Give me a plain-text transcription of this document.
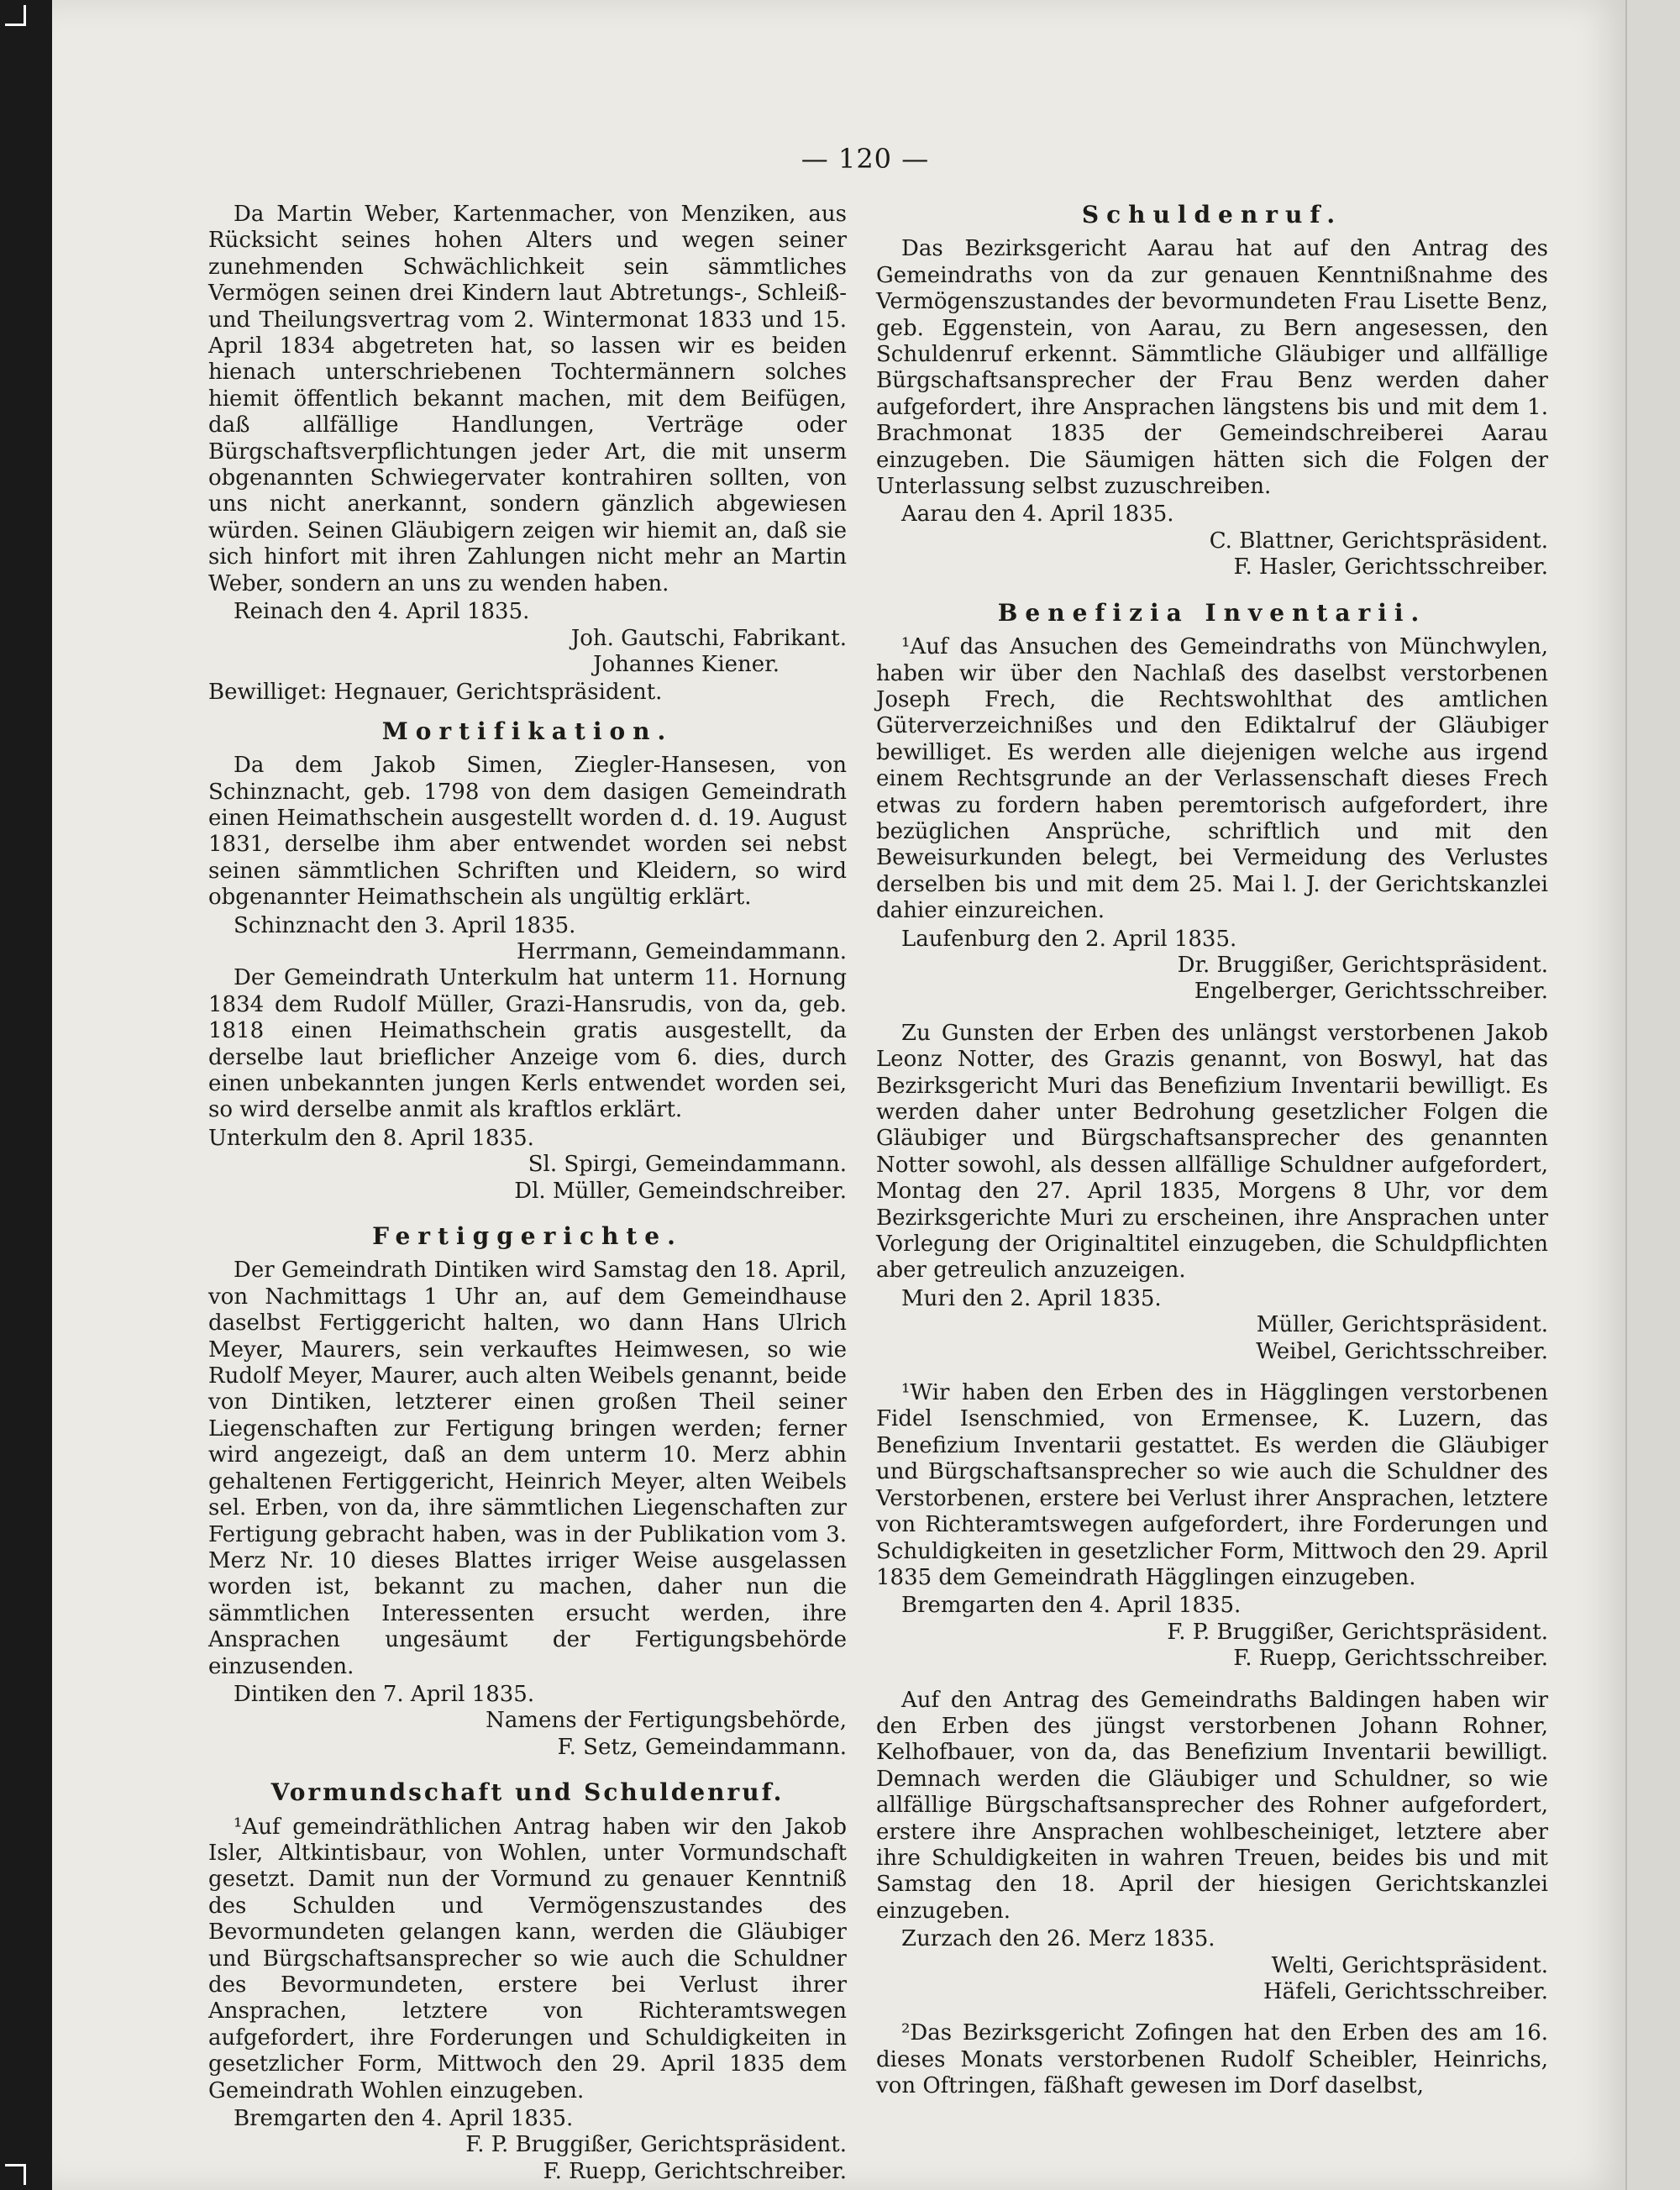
— 120 —

Da Martin Weber, Kartenmacher, von Menziken, aus Rücksicht seines hohen Alters und wegen seiner zunehmenden Schwächlichkeit sein sämmtliches Vermögen seinen drei Kindern laut Abtretungs-, Schleiß- und Theilungsvertrag vom 2. Wintermonat 1833 und 15. April 1834 abgetreten hat, so lassen wir es beiden hienach unterschriebenen Tochtermännern solches hiemit öffentlich bekannt machen, mit dem Beifügen, daß allfällige Handlungen, Verträge oder Bürgschaftsverpflichtungen jeder Art, die mit unserm obgenannten Schwiegervater kontrahiren sollten, von uns nicht anerkannt, sondern gänzlich abgewiesen würden. Seinen Gläubigern zeigen wir hiemit an, daß sie sich hinfort mit ihren Zahlungen nicht mehr an Martin Weber, sondern an uns zu wenden haben.

Reinach den 4. April 1835.
Joh. Gautschi, Fabrikant.
Johannes Kiener.
Bewilliget: Hegnauer, Gerichtspräsident.
Mortifikation.

Da dem Jakob Simen, Ziegler-Hansesen, von Schinznacht, geb. 1798 von dem dasigen Gemeindrath einen Heimathschein ausgestellt worden d. d. 19. August 1831, derselbe ihm aber entwendet worden sei nebst seinen sämmtlichen Schriften und Kleidern, so wird obgenannter Heimathschein als ungültig erklärt.

Schinznacht den 3. April 1835.
Herrmann, Gemeindammann.

Der Gemeindrath Unterkulm hat unterm 11. Hornung 1834 dem Rudolf Müller, Grazi-Hansrudis, von da, geb. 1818 einen Heimathschein gratis ausgestellt, da derselbe laut brieflicher Anzeige vom 6. dies, durch einen unbekannten jungen Kerls entwendet worden sei, so wird derselbe anmit als kraftlos erklärt.

Unterkulm den 8. April 1835.
Sl. Spirgi, Gemeindammann.
Dl. Müller, Gemeindschreiber.
Fertiggerichte.

Der Gemeindrath Dintiken wird Samstag den 18. April, von Nachmittags 1 Uhr an, auf dem Gemeindhause daselbst Fertiggericht halten, wo dann Hans Ulrich Meyer, Maurers, sein verkauftes Heimwesen, so wie Rudolf Meyer, Maurer, auch alten Weibels genannt, beide von Dintiken, letzterer einen großen Theil seiner Liegenschaften zur Fertigung bringen werden; ferner wird angezeigt, daß an dem unterm 10. Merz abhin gehaltenen Fertiggericht, Heinrich Meyer, alten Weibels sel. Erben, von da, ihre sämmtlichen Liegenschaften zur Fertigung gebracht haben, was in der Publikation vom 3. Merz Nr. 10 dieses Blattes irriger Weise ausgelassen worden ist, bekannt zu machen, daher nun die sämmtlichen Interessenten ersucht werden, ihre Ansprachen ungesäumt der Fertigungsbehörde einzusenden.

Dintiken den 7. April 1835.
Namens der Fertigungsbehörde,
F. Setz, Gemeindammann.
Vormundschaft und Schuldenruf.

¹Auf gemeindräthlichen Antrag haben wir den Jakob Isler, Altkintisbaur, von Wohlen, unter Vormundschaft gesetzt. Damit nun der Vormund zu genauer Kenntniß des Schulden und Vermögenszustandes des Bevormundeten gelangen kann, werden die Gläubiger und Bürgschaftsansprecher so wie auch die Schuldner des Bevormundeten, erstere bei Verlust ihrer Ansprachen, letztere von Richteramtswegen aufgefordert, ihre Forderungen und Schuldigkeiten in gesetzlicher Form, Mittwoch den 29. April 1835 dem Gemeindrath Wohlen einzugeben.

Bremgarten den 4. April 1835.
F. P. Bruggißer, Gerichtspräsident.
F. Ruepp, Gerichtschreiber.
Schuldenruf.

Das Bezirksgericht Aarau hat auf den Antrag des Gemeindraths von da zur genauen Kenntnißnahme des Vermögenszustandes der bevormundeten Frau Lisette Benz, geb. Eggenstein, von Aarau, zu Bern angesessen, den Schuldenruf erkennt. Sämmtliche Gläubiger und allfällige Bürgschaftsansprecher der Frau Benz werden daher aufgefordert, ihre Ansprachen längstens bis und mit dem 1. Brachmonat 1835 der Gemeindschreiberei Aarau einzugeben. Die Säumigen hätten sich die Folgen der Unterlassung selbst zuzuschreiben.

Aarau den 4. April 1835.
C. Blattner, Gerichtspräsident.
F. Hasler, Gerichtsschreiber.
Benefizia Inventarii.

¹Auf das Ansuchen des Gemeindraths von Münchwylen, haben wir über den Nachlaß des daselbst verstorbenen Joseph Frech, die Rechtswohlthat des amtlichen Güterverzeichnißes und den Ediktalruf der Gläubiger bewilliget. Es werden alle diejenigen welche aus irgend einem Rechtsgrunde an der Verlassenschaft dieses Frech etwas zu fordern haben peremtorisch aufgefordert, ihre bezüglichen Ansprüche, schriftlich und mit den Beweisurkunden belegt, bei Vermeidung des Verlustes derselben bis und mit dem 25. Mai l. J. der Gerichtskanzlei dahier einzureichen.

Laufenburg den 2. April 1835.
Dr. Bruggißer, Gerichtspräsident.
Engelberger, Gerichtsschreiber.

Zu Gunsten der Erben des unlängst verstorbenen Jakob Leonz Notter, des Grazis genannt, von Boswyl, hat das Bezirksgericht Muri das Benefizium Inventarii bewilligt. Es werden daher unter Bedrohung gesetzlicher Folgen die Gläubiger und Bürgschaftsansprecher des genannten Notter sowohl, als dessen allfällige Schuldner aufgefordert, Montag den 27. April 1835, Morgens 8 Uhr, vor dem Bezirksgerichte Muri zu erscheinen, ihre Ansprachen unter Vorlegung der Originaltitel einzugeben, die Schuldpflichten aber getreulich anzuzeigen.

Muri den 2. April 1835.
Müller, Gerichtspräsident.
Weibel, Gerichtsschreiber.

¹Wir haben den Erben des in Hägglingen verstorbenen Fidel Isenschmied, von Ermensee, K. Luzern, das Benefizium Inventarii gestattet. Es werden die Gläubiger und Bürgschaftsansprecher so wie auch die Schuldner des Verstorbenen, erstere bei Verlust ihrer Ansprachen, letztere von Richteramtswegen aufgefordert, ihre Forderungen und Schuldigkeiten in gesetzlicher Form, Mittwoch den 29. April 1835 dem Gemeindrath Hägglingen einzugeben.

Bremgarten den 4. April 1835.
F. P. Bruggißer, Gerichtspräsident.
F. Ruepp, Gerichtsschreiber.

Auf den Antrag des Gemeindraths Baldingen haben wir den Erben des jüngst verstorbenen Johann Rohner, Kelhofbauer, von da, das Benefizium Inventarii bewilligt. Demnach werden die Gläubiger und Schuldner, so wie allfällige Bürgschaftsansprecher des Rohner aufgefordert, erstere ihre Ansprachen wohlbescheiniget, letztere aber ihre Schuldigkeiten in wahren Treuen, beides bis und mit Samstag den 18. April der hiesigen Gerichtskanzlei einzugeben.

Zurzach den 26. Merz 1835.
Welti, Gerichtspräsident.
Häfeli, Gerichtsschreiber.

²Das Bezirksgericht Zofingen hat den Erben des am 16. dieses Monats verstorbenen Rudolf Scheibler, Heinrichs, von Oftringen, fäßhaft gewesen im Dorf daselbst,
